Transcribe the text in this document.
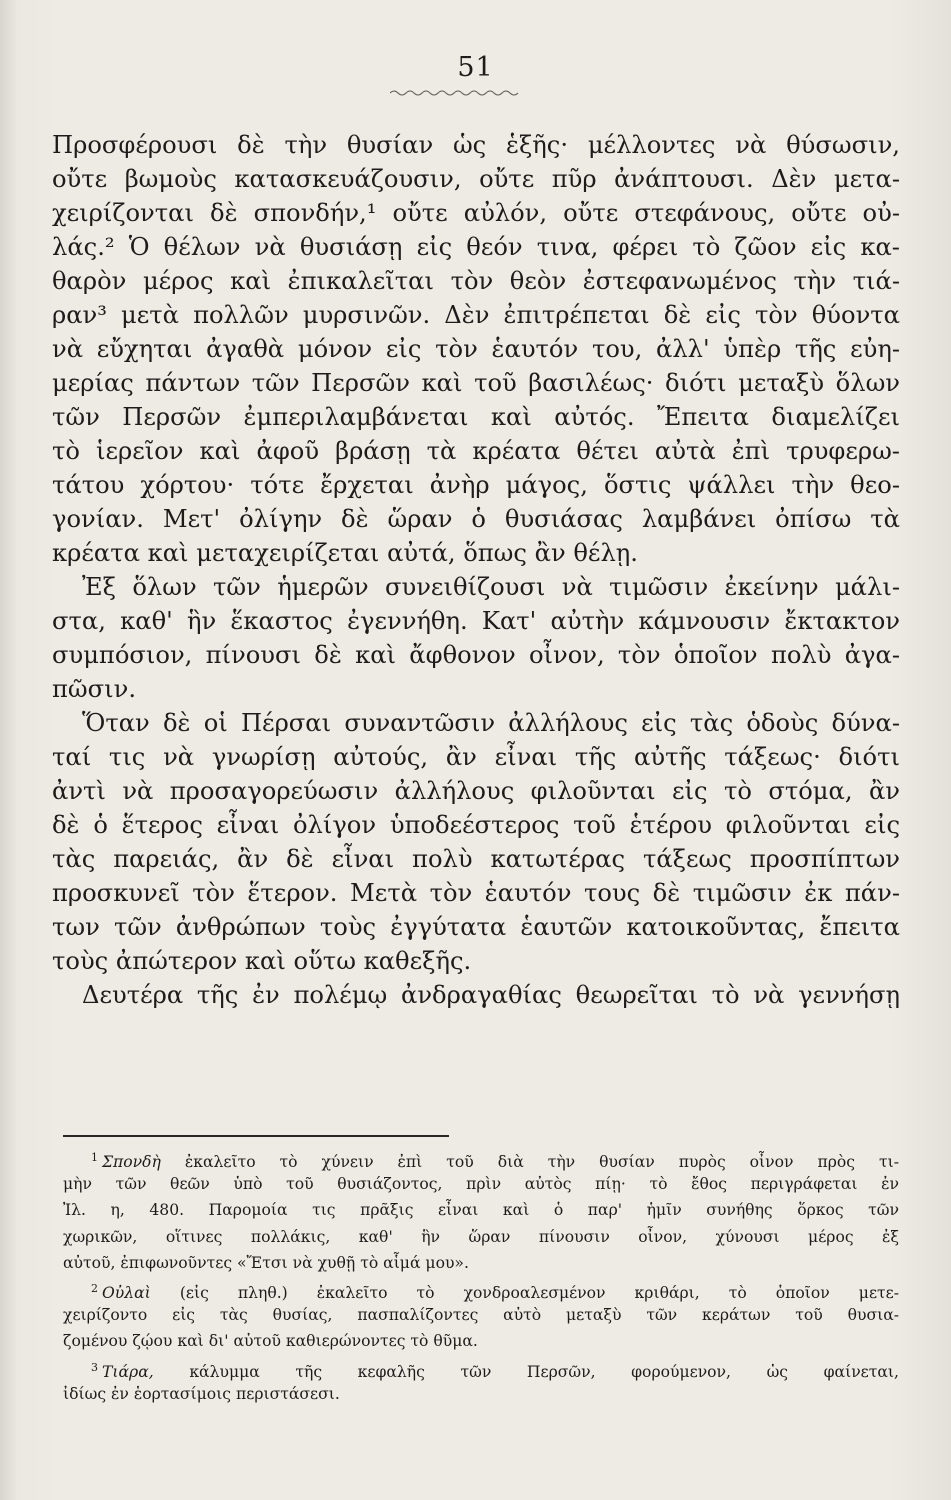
51
Προσφέρουσι δὲ τὴν θυσίαν ὡς ἑξῆς· μέλλοντες νὰ θύσωσιν,
οὔτε βωμοὺς κατασκευάζουσιν, οὔτε πῦρ ἀνάπτουσι. Δὲν μετα-
χειρίζονται δὲ σπονδήν,¹ οὔτε αὐλόν, οὔτε στεφάνους, οὔτε οὐ-
λάς.² Ὁ θέλων νὰ θυσιάσῃ εἰς θεόν τινα, φέρει τὸ ζῶον εἰς κα-
θαρὸν μέρος καὶ ἐπικαλεῖται τὸν θεὸν ἐστεφανωμένος τὴν τιά-
ραν³ μετὰ πολλῶν μυρσινῶν. Δὲν ἐπιτρέπεται δὲ εἰς τὸν θύοντα
νὰ εὔχηται ἀγαθὰ μόνον εἰς τὸν ἑαυτόν του, ἀλλ' ὑπὲρ τῆς εὐη-
μερίας πάντων τῶν Περσῶν καὶ τοῦ βασιλέως· διότι μεταξὺ ὅλων
τῶν Περσῶν ἐμπεριλαμβάνεται καὶ αὐτός. Ἔπειτα διαμελίζει
τὸ ἱερεῖον καὶ ἀφοῦ βράσῃ τὰ κρέατα θέτει αὐτὰ ἐπὶ τρυφερω-
τάτου χόρτου· τότε ἔρχεται ἀνὴρ μάγος, ὅστις ψάλλει τὴν θεο-
γονίαν. Μετ' ὀλίγην δὲ ὥραν ὁ θυσιάσας λαμβάνει ὀπίσω τὰ
κρέατα καὶ μεταχειρίζεται αὐτά, ὅπως ἂν θέλῃ.
Ἐξ ὅλων τῶν ἡμερῶν συνειθίζουσι νὰ τιμῶσιν ἐκείνην μάλι-
στα, καθ' ἣν ἕκαστος ἐγεννήθη. Κατ' αὐτὴν κάμνουσιν ἔκτακτον
συμπόσιον, πίνουσι δὲ καὶ ἄφθονον οἶνον, τὸν ὁποῖον πολὺ ἀγα-
πῶσιν.
Ὅταν δὲ οἱ Πέρσαι συναντῶσιν ἀλλήλους εἰς τὰς ὁδοὺς δύνα-
ταί τις νὰ γνωρίσῃ αὐτούς, ἂν εἶναι τῆς αὐτῆς τάξεως· διότι
ἀντὶ νὰ προσαγορεύωσιν ἀλλήλους φιλοῦνται εἰς τὸ στόμα, ἂν
δὲ ὁ ἕτερος εἶναι ὀλίγον ὑποδεέστερος τοῦ ἑτέρου φιλοῦνται εἰς
τὰς παρειάς, ἂν δὲ εἶναι πολὺ κατωτέρας τάξεως προσπίπτων
προσκυνεῖ τὸν ἕτερον. Μετὰ τὸν ἑαυτόν τους δὲ τιμῶσιν ἐκ πάν-
των τῶν ἀνθρώπων τοὺς ἐγγύτατα ἑαυτῶν κατοικοῦντας, ἔπειτα
τοὺς ἀπώτερον καὶ οὕτω καθεξῆς.
Δευτέρα τῆς ἐν πολέμῳ ἀνδραγαθίας θεωρεῖται τὸ νὰ γεννήσῃ
$^1$ Σπονδὴ ἐκαλεῖτο τὸ χύνειν ἐπὶ τοῦ διὰ τὴν θυσίαν πυρὸς οἶνον πρὸς τι-
μὴν τῶν θεῶν ὑπὸ τοῦ θυσιάζοντος, πρὶν αὐτὸς πίῃ· τὸ ἔθος περιγράφεται ἐν
Ἰλ. η, 480. Παρομοία τις πρᾶξις εἶναι καὶ ὁ παρ' ἡμῖν συνήθης ὅρκος τῶν
χωρικῶν, οἵτινες πολλάκις, καθ' ἣν ὥραν πίνουσιν οἶνον, χύνουσι μέρος ἐξ
αὐτοῦ, ἐπιφωνοῦντες «Ἔτσι νὰ χυθῇ τὸ αἷμά μου».
$^2$ Οὐλαὶ (εἰς πληθ.) ἐκαλεῖτο τὸ χονδροαλεσμένον κριθάρι, τὸ ὁποῖον μετε-
χειρίζοντο εἰς τὰς θυσίας, πασπαλίζοντες αὐτὸ μεταξὺ τῶν κεράτων τοῦ θυσια-
ζομένου ζῴου καὶ δι' αὐτοῦ καθιερώνοντες τὸ θῦμα.
$^3$ Τιάρα, κάλυμμα τῆς κεφαλῆς τῶν Περσῶν, φορούμενον, ὡς φαίνεται,
ἰδίως ἐν ἑορτασίμοις περιστάσεσι.
